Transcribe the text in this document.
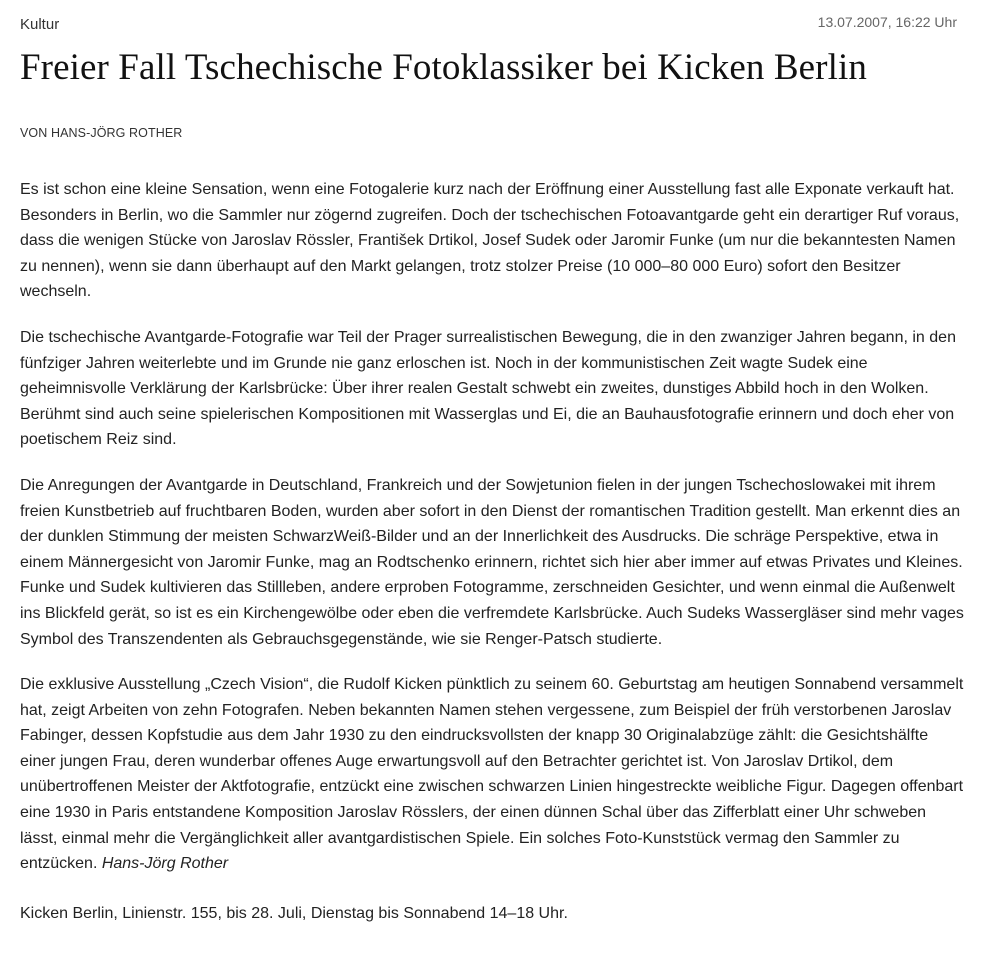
Kultur	13.07.2007, 16:22 Uhr
Freier Fall Tschechische Fotoklassiker bei Kicken Berlin
VON HANS-JÖRG ROTHER

Es ist schon eine kleine Sensation, wenn eine Fotogalerie kurz nach der Eröffnung einer Ausstellung fast alle Exponate verkauft hat. Besonders in Berlin, wo die Sammler nur zögernd zugreifen. Doch der tschechischen Fotoavantgarde geht ein derartiger Ruf voraus, dass die wenigen Stücke von Jaroslav Rössler, František Drtikol, Josef Sudek oder Jaromir Funke (um nur die bekanntesten Namen zu nennen), wenn sie dann überhaupt auf den Markt gelangen, trotz stolzer Preise (10 000–80 000 Euro) sofort den Besitzer wechseln.

Die tschechische Avantgarde-Fotografie war Teil der Prager surrealistischen Bewegung, die in den zwanziger Jahren begann, in den fünfziger Jahren weiterlebte und im Grunde nie ganz erloschen ist. Noch in der kommunistischen Zeit wagte Sudek eine geheimnisvolle Verklärung der Karlsbrücke: Über ihrer realen Gestalt schwebt ein zweites, dunstiges Abbild hoch in den Wolken. Berühmt sind auch seine spielerischen Kompositionen mit Wasserglas und Ei, die an Bauhausfotografie erinnern und doch eher von poetischem Reiz sind.

Die Anregungen der Avantgarde in Deutschland, Frankreich und der Sowjetunion fielen in der jungen Tschechoslowakei mit ihrem freien Kunstbetrieb auf fruchtbaren Boden, wurden aber sofort in den Dienst der romantischen Tradition gestellt. Man erkennt dies an der dunklen Stimmung der meisten SchwarzWeiß-Bilder und an der Innerlichkeit des Ausdrucks. Die schräge Perspektive, etwa in einem Männergesicht von Jaromir Funke, mag an Rodtschenko erinnern, richtet sich hier aber immer auf etwas Privates und Kleines. Funke und Sudek kultivieren das Stillleben, andere erproben Fotogramme, zerschneiden Gesichter, und wenn einmal die Außenwelt ins Blickfeld gerät, so ist es ein Kirchengewölbe oder eben die verfremdete Karlsbrücke. Auch Sudeks Wassergläser sind mehr vages Symbol des Transzendenten als Gebrauchsgegenstände, wie sie Renger-Patsch studierte.

Die exklusive Ausstellung „Czech Vision“, die Rudolf Kicken pünktlich zu seinem 60. Geburtstag am heutigen Sonnabend versammelt hat, zeigt Arbeiten von zehn Fotografen. Neben bekannten Namen stehen vergessene, zum Beispiel der früh verstorbenen Jaroslav Fabinger, dessen Kopfstudie aus dem Jahr 1930 zu den eindrucksvollsten der knapp 30 Originalabzüge zählt: die Gesichtshälfte einer jungen Frau, deren wunderbar offenes Auge erwartungsvoll auf den Betrachter gerichtet ist. Von Jaroslav Drtikol, dem unübertroffenen Meister der Aktfotografie, entzückt eine zwischen schwarzen Linien hingestreckte weibliche Figur. Dagegen offenbart eine 1930 in Paris entstandene Komposition Jaroslav Rösslers, der einen dünnen Schal über das Zifferblatt einer Uhr schweben lässt, einmal mehr die Vergänglichkeit aller avantgardistischen Spiele. Ein solches Foto-Kunststück vermag den Sammler zu entzücken. Hans-Jörg Rother

Kicken Berlin, Linienstr. 155, bis 28. Juli, Dienstag bis Sonnabend 14–18 Uhr.
